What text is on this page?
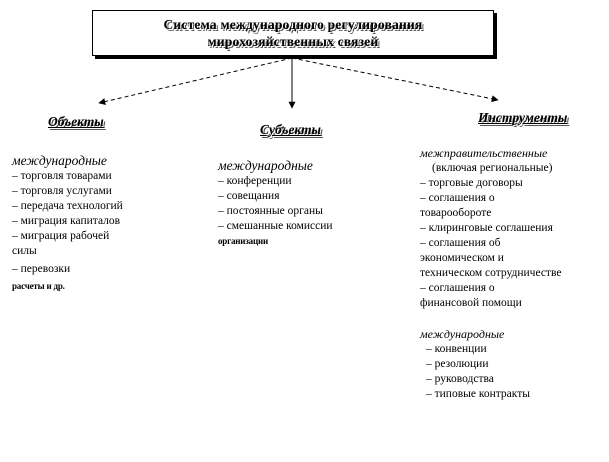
Система международного регулирования
мирохозяйственных связей
Объекты
Субъекты
Инструменты
международные
– торговля товарами
– торговля услугами
– передача технологий
– миграция капиталов
– миграция рабочей
силы
– перевозки
расчеты и др.
международные
– конференции
– совещания
– постоянные органы
– смешанные комиссии
организации
межправительственные
(включая региональные)
– торговые договоры
– соглашения о
товарообороте
– клиринговые соглашения
– соглашения об
экономическом и
техническом сотрудничестве
– соглашения о
финансовой помощи
международные
– конвенции
– резолюции
– руководства
– типовые контракты
